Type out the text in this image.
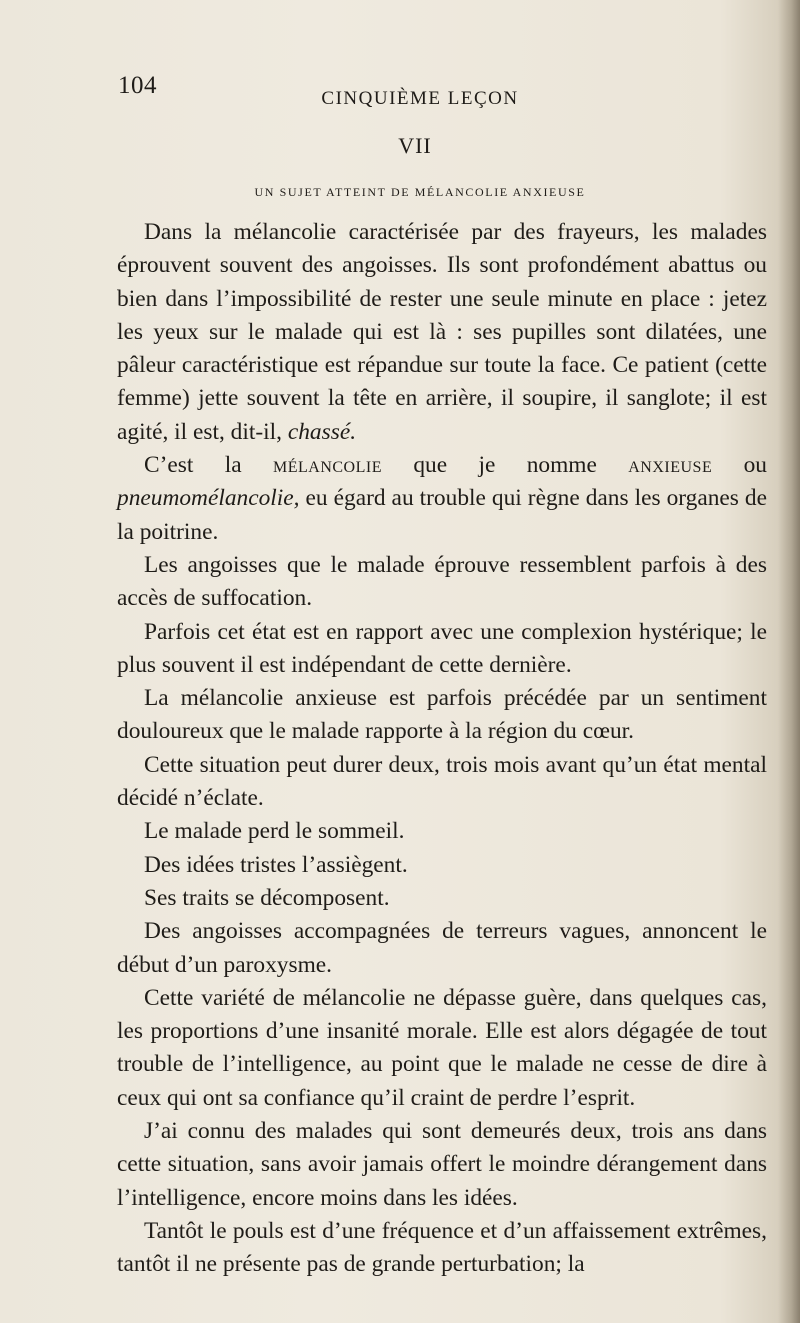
104	CINQUIÈME LEÇON
VII
UN SUJET ATTEINT DE MÉLANCOLIE ANXIEUSE

Dans la mélancolie caractérisée par des frayeurs, les malades éprouvent souvent des angoisses. Ils sont profondément abattus ou bien dans l’impossibilité de rester une seule minute en place : jetez les yeux sur le malade qui est là : ses pupilles sont dilatées, une pâleur caractéristique est répandue sur toute la face. Ce patient (cette femme) jette souvent la tête en arrière, il soupire, il sanglote; il est agité, il est, dit-il, chassé.

C’est la mélancolie que je nomme anxieuse ou pneumomélancolie, eu égard au trouble qui règne dans les organes de la poitrine.

Les angoisses que le malade éprouve ressemblent parfois à des accès de suffocation.

Parfois cet état est en rapport avec une complexion hystérique; le plus souvent il est indépendant de cette dernière.

La mélancolie anxieuse est parfois précédée par un sentiment douloureux que le malade rapporte à la région du cœur.

Cette situation peut durer deux, trois mois avant qu’un état mental décidé n’éclate.

Le malade perd le sommeil.

Des idées tristes l’assiègent.

Ses traits se décomposent.

Des angoisses accompagnées de terreurs vagues, annoncent le début d’un paroxysme.

Cette variété de mélancolie ne dépasse guère, dans quelques cas, les proportions d’une insanité morale. Elle est alors dégagée de tout trouble de l’intelligence, au point que le malade ne cesse de dire à ceux qui ont sa confiance qu’il craint de perdre l’esprit.

J’ai connu des malades qui sont demeurés deux, trois ans dans cette situation, sans avoir jamais offert le moindre dérangement dans l’intelligence, encore moins dans les idées.

Tantôt le pouls est d’une fréquence et d’un affaissement extrêmes, tantôt il ne présente pas de grande perturbation; la
